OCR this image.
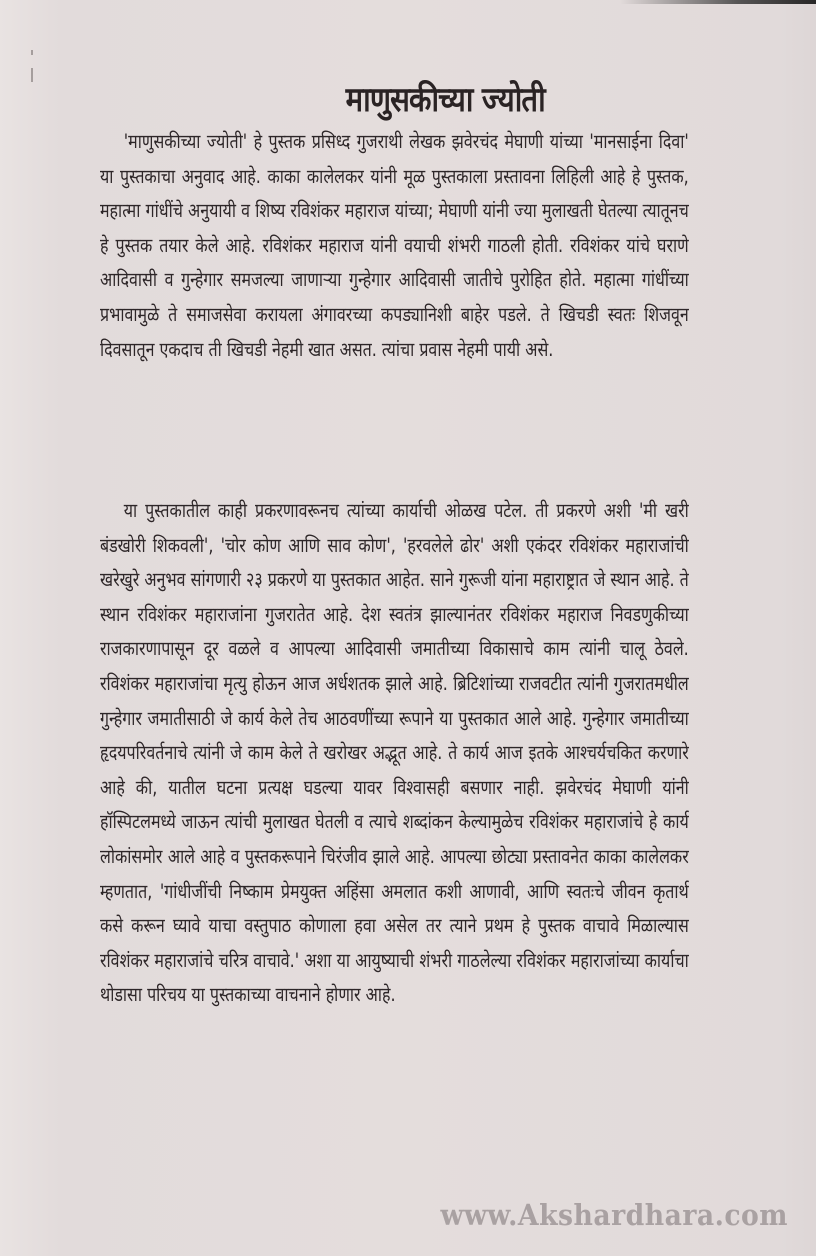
माणुसकीच्या ज्योती

'माणुसकीच्या ज्योती' हे पुस्तक प्रसिध्द गुजराथी लेखक झवेरचंद मेघाणी यांच्या 'मानसाईना दिवा' या पुस्तकाचा अनुवाद आहे. काका कालेलकर यांनी मूळ पुस्तकाला प्रस्तावना लिहिली आहे हे पुस्तक, महात्मा गांधींचे अनुयायी व शिष्य रविशंकर महाराज यांच्या; मेघाणी यांनी ज्या मुलाखती घेतल्या त्यातूनच हे पुस्तक तयार केले आहे. रविशंकर महाराज यांनी वयाची शंभरी गाठली होती. रविशंकर यांचे घराणे आदिवासी व गुन्हेगार समजल्या जाणाऱ्या गुन्हेगार आदिवासी जातीचे पुरोहित होते. महात्मा गांधींच्या प्रभावामुळे ते समाजसेवा करायला अंगावरच्या कपड्यानिशी बाहेर पडले. ते खिचडी स्वतः शिजवून दिवसातून एकदाच ती खिचडी नेहमी खात असत. त्यांचा प्रवास नेहमी पायी असे.

या पुस्तकातील काही प्रकरणावरूनच त्यांच्या कार्याची ओळख पटेल. ती प्रकरणे अशी 'मी खरी बंडखोरी शिकवली', 'चोर कोण आणि साव कोण', 'हरवलेले ढोर' अशी एकंदर रविशंकर महाराजांची खरेखुरे अनुभव सांगणारी २३ प्रकरणे या पुस्तकात आहेत. साने गुरूजी यांना महाराष्ट्रात जे स्थान आहे. ते स्थान रविशंकर महाराजांना गुजरातेत आहे. देश स्वतंत्र झाल्यानंतर रविशंकर महाराज निवडणुकीच्या राजकारणापासून दूर वळले व आपल्या आदिवासी जमातीच्या विकासाचे काम त्यांनी चालू ठेवले. रविशंकर महाराजांचा मृत्यु होऊन आज अर्धशतक झाले आहे. ब्रिटिशांच्या राजवटीत त्यांनी गुजरातमधील गुन्हेगार जमातीसाठी जे कार्य केले तेच आठवणींच्या रूपाने या पुस्तकात आले आहे. गुन्हेगार जमातीच्या हृदयपरिवर्तनाचे त्यांनी जे काम केले ते खरोखर अद्भूत आहे. ते कार्य आज इतके आश्चर्यचकित करणारे आहे की, यातील घटना प्रत्यक्ष घडल्या यावर विश्वासही बसणार नाही. झवेरचंद मेघाणी यांनी हॉस्पिटलमध्ये जाऊन त्यांची मुलाखत घेतली व त्याचे शब्दांकन केल्यामुळेच रविशंकर महाराजांचे हे कार्य लोकांसमोर आले आहे व पुस्तकरूपाने चिरंजीव झाले आहे. आपल्या छोट्या प्रस्तावनेत काका कालेलकर म्हणतात, 'गांधीजींची निष्काम प्रेमयुक्त अहिंसा अमलात कशी आणावी, आणि स्वतःचे जीवन कृतार्थ कसे करून घ्यावे याचा वस्तुपाठ कोणाला हवा असेल तर त्याने प्रथम हे पुस्तक वाचावे मिळाल्यास रविशंकर महाराजांचे चरित्र वाचावे.' अशा या आयुष्याची शंभरी गाठलेल्या रविशंकर महाराजांच्या कार्याचा थोडासा परिचय या पुस्तकाच्या वाचनाने होणार आहे.

www.Akshardhara.com
